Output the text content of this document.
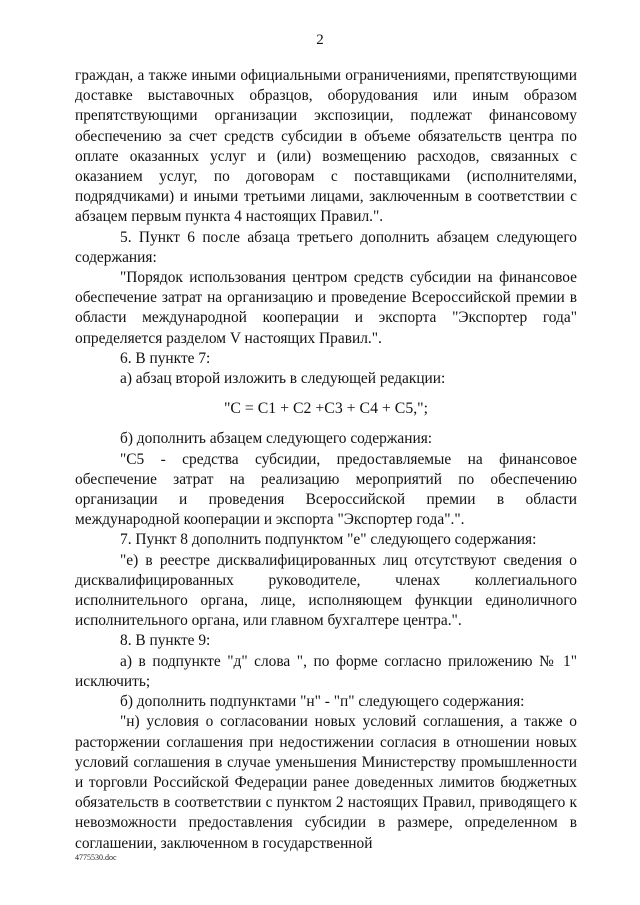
2

граждан, а также иными официальными ограничениями, препятствующими доставке выставочных образцов, оборудования или иным образом препятствующими организации экспозиции, подлежат финансовому обеспечению за счет средств субсидии в объеме обязательств центра по оплате оказанных услуг и (или) возмещению расходов, связанных с оказанием услуг, по договорам с поставщиками (исполнителями, подрядчиками) и иными третьими лицами, заключенным в соответствии с абзацем первым пункта 4 настоящих Правил.".

5. Пункт 6 после абзаца третьего дополнить абзацем следующего содержания:

"Порядок использования центром средств субсидии на финансовое обеспечение затрат на организацию и проведение Всероссийской премии в области международной кооперации и экспорта "Экспортер года" определяется разделом V настоящих Правил.".

6. В пункте 7:

а) абзац второй изложить в следующей редакции:

"С = С1 + С2 +С3 + С4 + С5,";

б) дополнить абзацем следующего содержания:

"С5 - средства субсидии, предоставляемые на финансовое обеспечение затрат на реализацию мероприятий по обеспечению организации и проведения Всероссийской премии в области международной кооперации и экспорта "Экспортер года".".

7. Пункт 8 дополнить подпунктом "е" следующего содержания:

"е) в реестре дисквалифицированных лиц отсутствуют сведения о дисквалифицированных руководителе, членах коллегиального исполнительного органа, лице, исполняющем функции единоличного исполнительного органа, или главном бухгалтере центра.".

8. В пункте 9:

а) в подпункте "д" слова ", по форме согласно приложению № 1" исключить;

б) дополнить подпунктами "н" - "п" следующего содержания:

"н) условия о согласовании новых условий соглашения, а также о расторжении соглашения при недостижении согласия в отношении новых условий соглашения в случае уменьшения Министерству промышленности и торговли Российской Федерации ранее доведенных лимитов бюджетных обязательств в соответствии с пунктом 2 настоящих Правил, приводящего к невозможности предоставления субсидии в размере, определенном в соглашении, заключенном в государственной

4775530.doc
